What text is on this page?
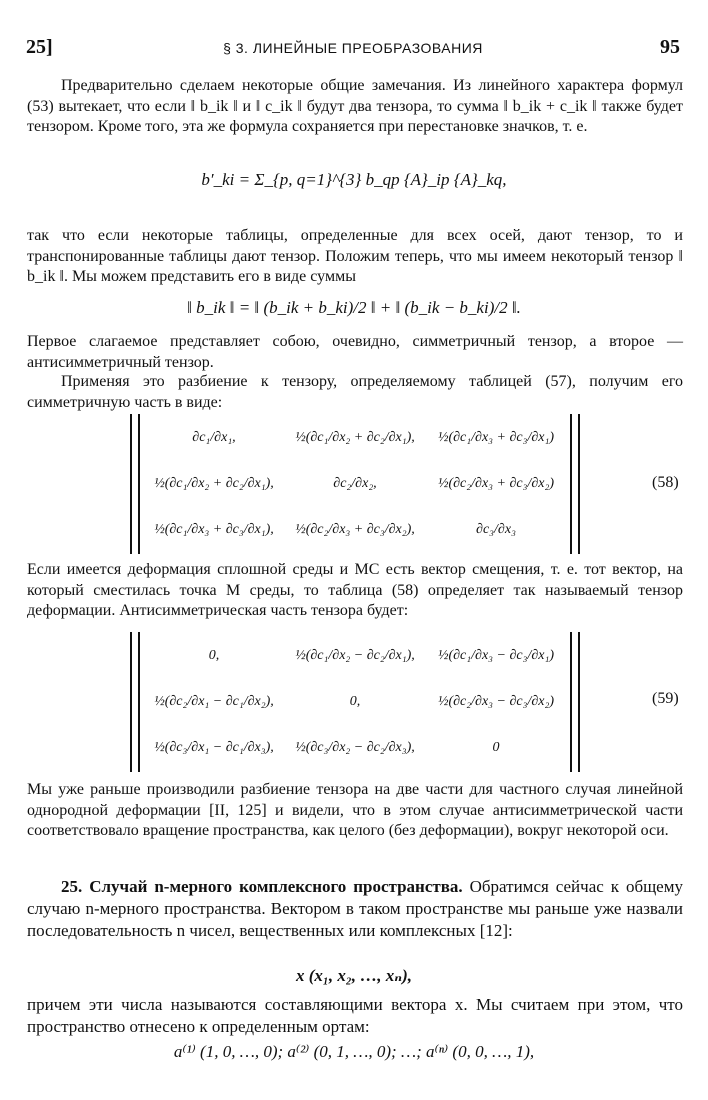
25]	§ 3. ЛИНЕЙНЫЕ ПРЕОБРАЗОВАНИЯ	95
Предварительно сделаем некоторые общие замечания. Из линейного характера формул (53) вытекает, что если ‖ b_ik ‖ и ‖ c_ik ‖ будут два тензора, то сумма ‖ b_ik + c_ik ‖ также будет тензором. Кроме того, эта же формула сохраняется при перестановке значков, т. е.
b′_ki = Σ_{p, q=1}^{3} b_qp {A}_ip {A}_kq,
так что если некоторые таблицы, определенные для всех осей, дают тензор, то и транспонированные таблицы дают тензор. Положим теперь, что мы имеем некоторый тензор ‖ b_ik ‖. Мы можем представить его в виде суммы
‖ b_ik ‖ = ‖ (b_ik + b_ki)/2 ‖ + ‖ (b_ik − b_ki)/2 ‖.
Первое слагаемое представляет собою, очевидно, симметричный тензор, а второе — антисимметричный тензор.
Применяя это разбиение к тензору, определяемому таблицей (57), получим его симметричную часть в виде:
∂c₁/∂x₁,	½(∂c₁/∂x₂ + ∂c₂/∂x₁),	½(∂c₁/∂x₃ + ∂c₃/∂x₁)
½(∂c₁/∂x₂ + ∂c₂/∂x₁),	∂c₂/∂x₂,	½(∂c₂/∂x₃ + ∂c₃/∂x₂)
½(∂c₁/∂x₃ + ∂c₃/∂x₁),	½(∂c₂/∂x₃ + ∂c₃/∂x₂),	∂c₃/∂x₃
(58)
Если имеется деформация сплошной среды и MC есть вектор смещения, т. е. тот вектор, на который сместилась точка M среды, то таблица (58) определяет так называемый тензор деформации. Антисимметрическая часть тензора будет:
0,	½(∂c₁/∂x₂ − ∂c₂/∂x₁),	½(∂c₁/∂x₃ − ∂c₃/∂x₁)
½(∂c₂/∂x₁ − ∂c₁/∂x₂),	0,	½(∂c₂/∂x₃ − ∂c₃/∂x₂)
½(∂c₃/∂x₁ − ∂c₁/∂x₃),	½(∂c₃/∂x₂ − ∂c₂/∂x₃),	0
(59)
Мы уже раньше производили разбиение тензора на две части для частного случая линейной однородной деформации [II, 125] и видели, что в этом случае антисимметрической части соответствовало вращение пространства, как целого (без деформации), вокруг некоторой оси.
25. Случай n-мерного комплексного пространства. Обратимся сейчас к общему случаю n-мерного пространства. Вектором в таком пространстве мы раньше уже назвали последовательность n чисел, вещественных или комплексных [12]:
x (x₁, x₂, …, xₙ),
причем эти числа называются составляющими вектора x. Мы считаем при этом, что пространство отнесено к определенным ортам:
a⁽¹⁾ (1, 0, …, 0); a⁽²⁾ (0, 1, …, 0); …; a⁽ⁿ⁾ (0, 0, …, 1),
